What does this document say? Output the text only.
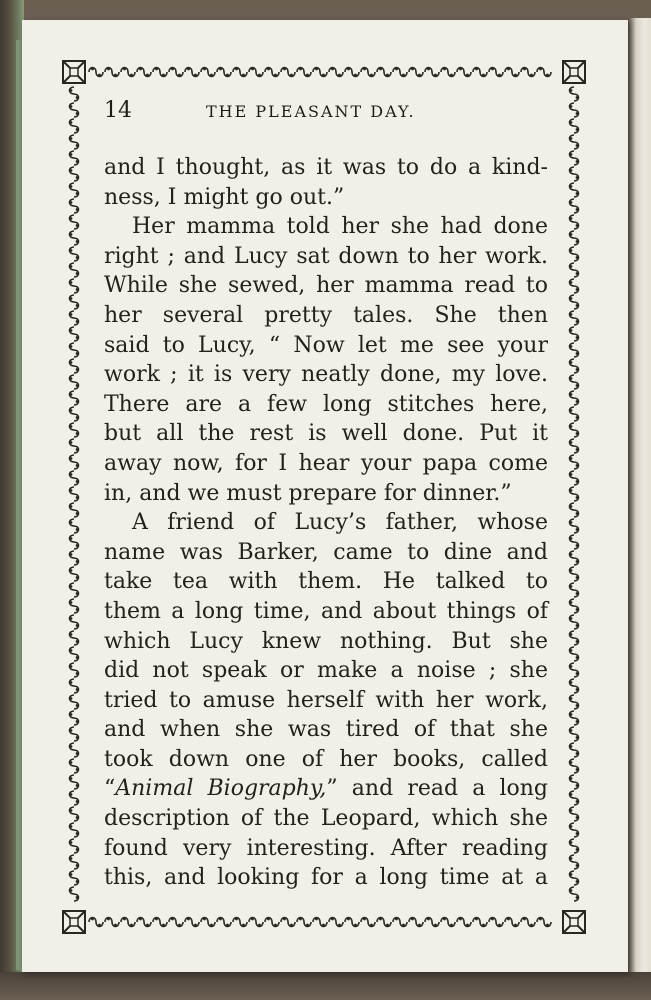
14	THE PLEASANT DAY.
and I thought, as it was to do a kind-
ness, I might go out.”
Her mamma told her she had done
right ; and Lucy sat down to her work.
While she sewed, her mamma read to
her several pretty tales. She then
said to Lucy, “ Now let me see your
work ; it is very neatly done, my love.
There are a few long stitches here,
but all the rest is well done. Put it
away now, for I hear your papa come
in, and we must prepare for dinner.”
A friend of Lucy’s father, whose
name was Barker, came to dine and
take tea with them. He talked to
them a long time, and about things of
which Lucy knew nothing. But she
did not speak or make a noise ; she
tried to amuse herself with her work,
and when she was tired of that she
took down one of her books, called
“Animal Biography,” and read a long
description of the Leopard, which she
found very interesting. After reading
this, and looking for a long time at a
